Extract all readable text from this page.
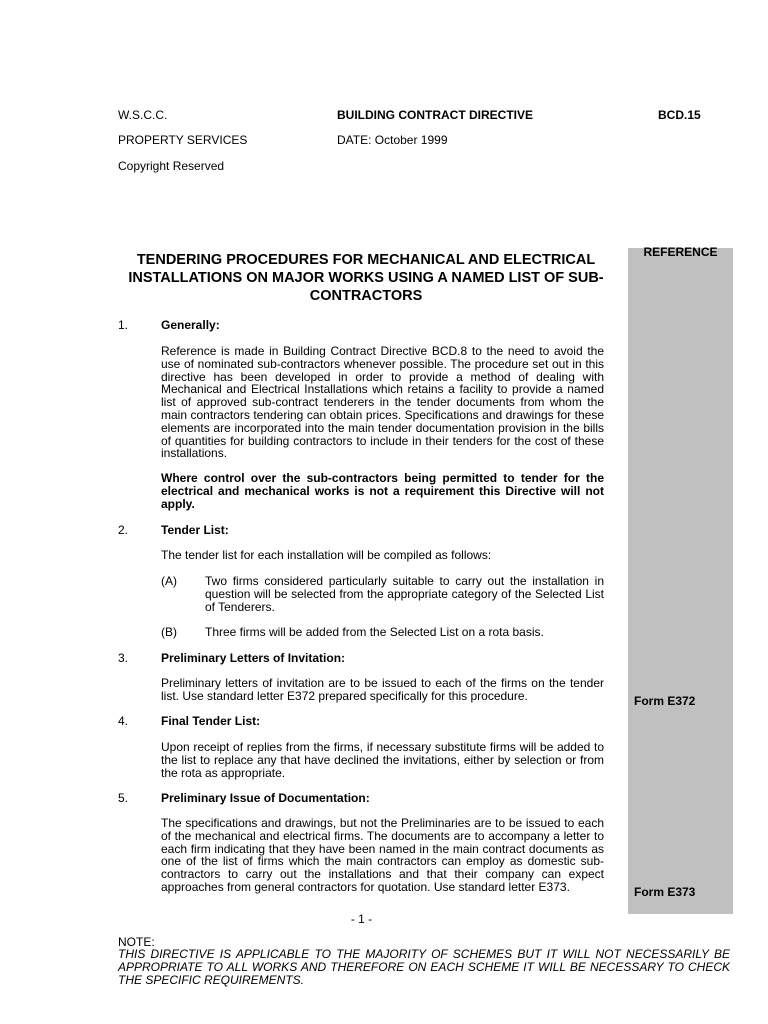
W.S.C.C.
PROPERTY SERVICES
Copyright Reserved
BUILDING CONTRACT DIRECTIVE
DATE: October 1999
BCD.15
REFERENCE
Form E372
Form E373
TENDERING PROCEDURES FOR MECHANICAL AND ELECTRICAL INSTALLATIONS ON MAJOR WORKS USING A NAMED LIST OF SUB-CONTRACTORS
1.	Generally:

Reference is made in Building Contract Directive BCD.8 to the need to avoid the use of nominated sub-contractors whenever possible. The procedure set out in this directive has been developed in order to provide a method of dealing with Mechanical and Electrical Installations which retains a facility to provide a named list of approved sub-contract tenderers in the tender documents from whom the main contractors tendering can obtain prices. Specifications and drawings for these elements are incorporated into the main tender documentation provision in the bills of quantities for building contractors to include in their tenders for the cost of these installations.

Where control over the sub-contractors being permitted to tender for the electrical and mechanical works is not a requirement this Directive will not apply.

2.	Tender List:

The tender list for each installation will be compiled as follows:

(A) Two firms considered particularly suitable to carry out the installation in question will be selected from the appropriate category of the Selected List of Tenderers.

(B) Three firms will be added from the Selected List on a rota basis.

3.	Preliminary Letters of Invitation:

Preliminary letters of invitation are to be issued to each of the firms on the tender list. Use standard letter E372 prepared specifically for this procedure.

4.	Final Tender List:

Upon receipt of replies from the firms, if necessary substitute firms will be added to the list to replace any that have declined the invitations, either by selection or from the rota as appropriate.

5.	Preliminary Issue of Documentation:

The specifications and drawings, but not the Preliminaries are to be issued to each of the mechanical and electrical firms. The documents are to accompany a letter to each firm indicating that they have been named in the main contract documents as one of the list of firms which the main contractors can employ as domestic sub-contractors to carry out the installations and that their company can expect approaches from general contractors for quotation. Use standard letter E373.

- 1 -
NOTE:

THIS DIRECTIVE IS APPLICABLE TO THE MAJORITY OF SCHEMES BUT IT WILL NOT NECESSARILY BE APPROPRIATE TO ALL WORKS AND THEREFORE ON EACH SCHEME IT WILL BE NECESSARY TO CHECK THE SPECIFIC REQUIREMENTS.
